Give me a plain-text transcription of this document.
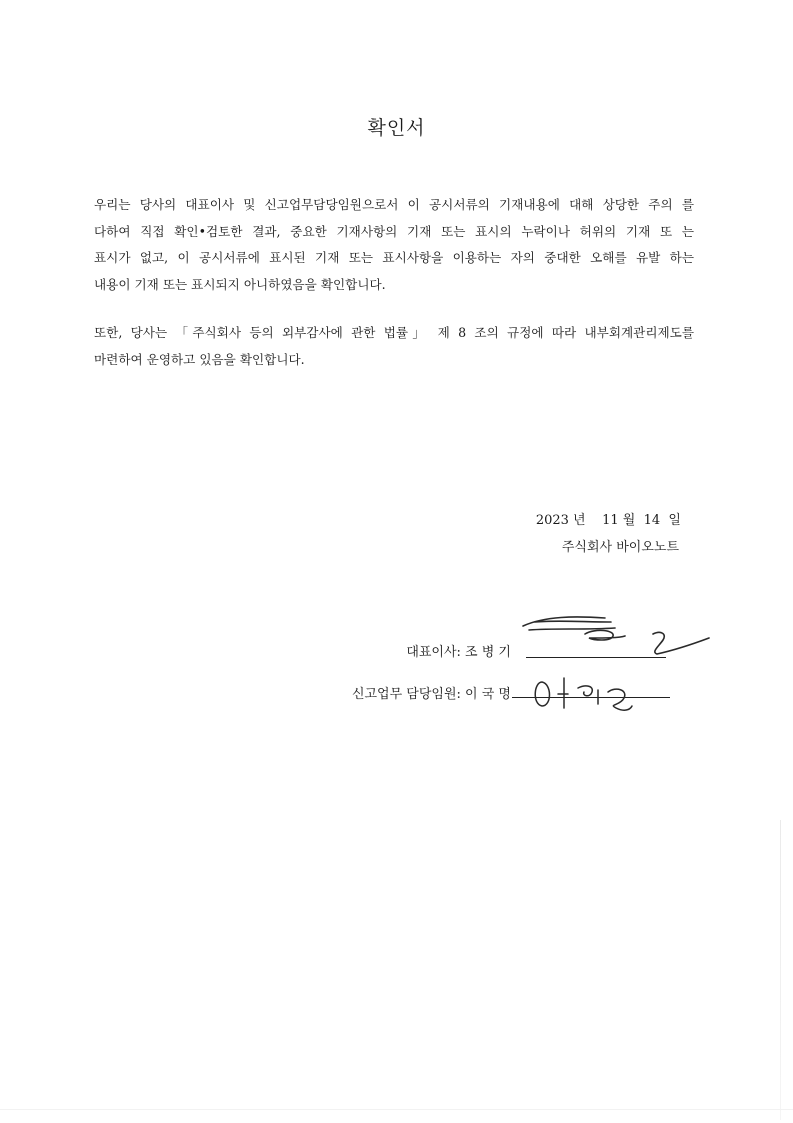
확인서
우리는 당사의 대표이사 및 신고업무담당임원으로서 이 공시서류의 기재내용에 대해 상당한 주의 를
다하여 직접 확인•검토한 결과, 중요한 기재사항의 기재 또는 표시의 누락이나 허위의 기재 또 는
표시가 없고, 이 공시서류에 표시된 기재 또는 표시사항을 이용하는 자의 중대한 오해를 유발 하는
내용이 기재 또는 표시되지 아니하였음을 확인합니다.
또한, 당사는 「주식회사 등의 외부감사에 관한 법률」 제 8 조의 규정에 따라 내부회계관리제도를
마련하여 운영하고 있음을 확인합니다.
2023 년    11 월  14  일
주식회사 바이오노트
대표이사: 조 병 기
신고업무 담당임원: 이 국 명
